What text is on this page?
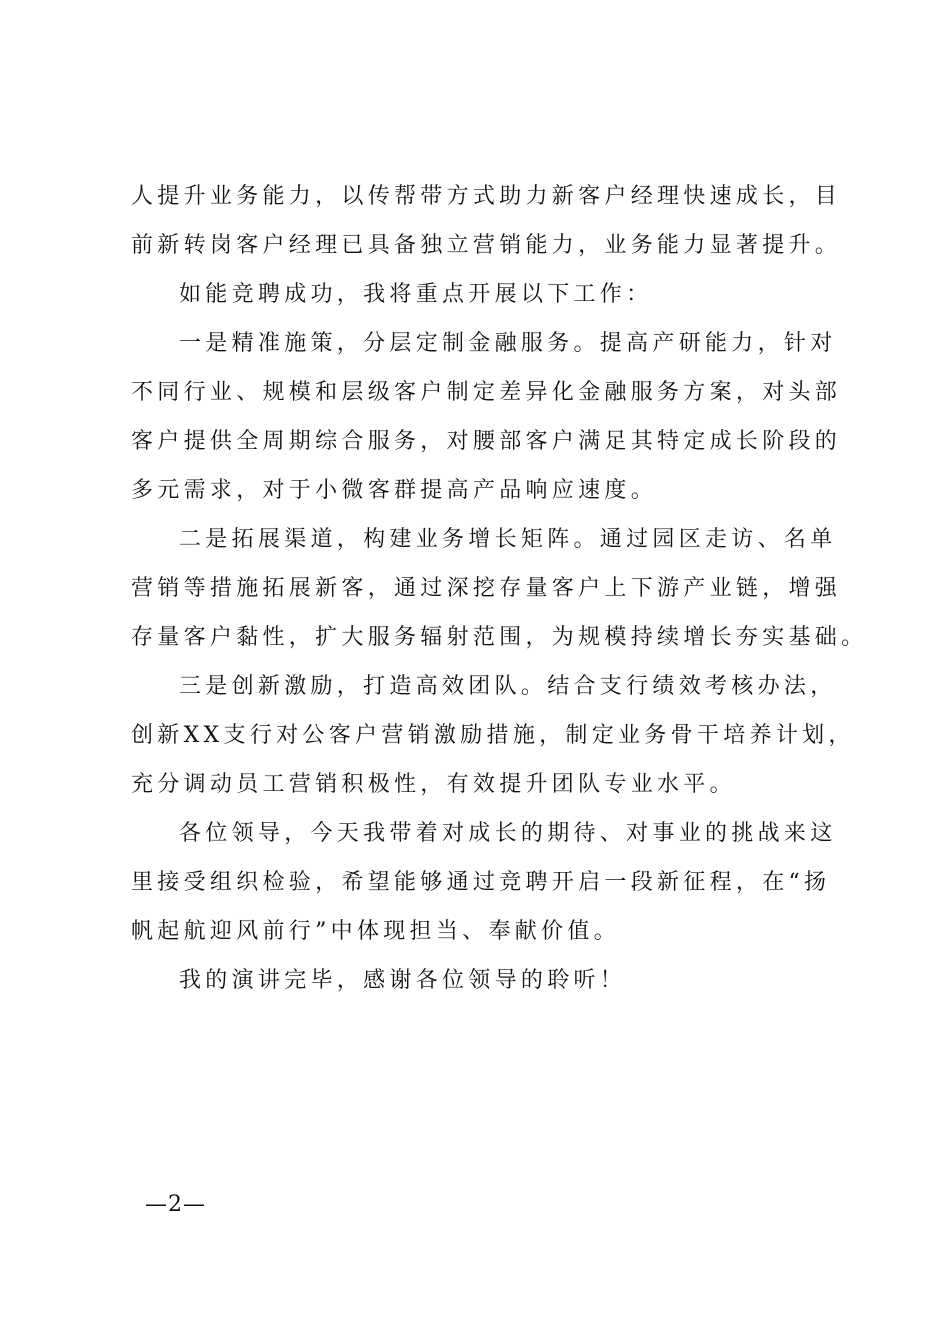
人提升业务能力，以传帮带方式助力新客户经理快速成长，目
前新转岗客户经理已具备独立营销能力，业务能力显著提升。
如能竞聘成功，我将重点开展以下工作：
一是精准施策，分层定制金融服务。提高产研能力，针对
不同行业、规模和层级客户制定差异化金融服务方案，对头部
客户提供全周期综合服务，对腰部客户满足其特定成长阶段的
多元需求，对于小微客群提高产品响应速度。
二是拓展渠道，构建业务增长矩阵。通过园区走访、名单
营销等措施拓展新客，通过深挖存量客户上下游产业链，增强
存量客户黏性，扩大服务辐射范围，为规模持续增长夯实基础。
三是创新激励，打造高效团队。结合支行绩效考核办法，
创新XX支行对公客户营销激励措施，制定业务骨干培养计划，
充分调动员工营销积极性，有效提升团队专业水平。
各位领导，今天我带着对成长的期待、对事业的挑战来这
里接受组织检验，希望能够通过竞聘开启一段新征程，在“扬
帆起航迎风前行”中体现担当、奉献价值。
我的演讲完毕，感谢各位领导的聆听！
—2—
